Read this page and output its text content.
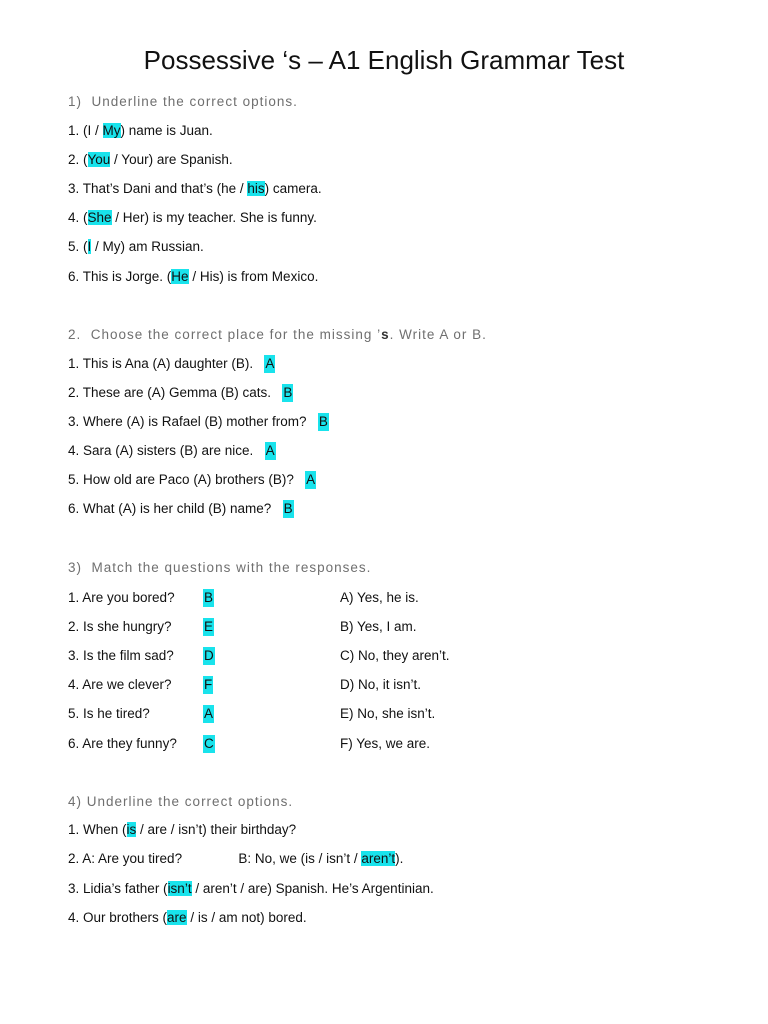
Possessive ‘s – A1 English Grammar Test
1)  Underline the correct options.
1. (I / My) name is Juan.
2. (You / Your) are Spanish.
3. That’s Dani and that’s (he / his) camera.
4. (She / Her) is my teacher. She is funny.
5. (I / My) am Russian.
6. This is Jorge. (He / His) is from Mexico.
2.  Choose the correct place for the missing ’s. Write A or B.
1. This is Ana (A) daughter (B).   A
2. These are (A) Gemma (B) cats.   B
3. Where (A) is Rafael (B) mother from?   B
4. Sara (A) sisters (B) are nice.   A
5. How old are Paco (A) brothers (B)?   A
6. What (A) is her child (B) name?   B
3)  Match the questions with the responses.
1. Are you bored? B	A) Yes, he is.
2. Is she hungry? E	B) Yes, I am.
3. Is the film sad? D	C) No, they aren’t.
4. Are we clever? F	D) No, it isn’t.
5. Is he tired?	A	E) No, she isn’t.
6. Are they funny? C	F) Yes, we are.
4) Underline the correct options.
1. When (is / are / isn’t) their birthday?
2. A: Are you tired?               B: No, we (is / isn’t / aren’t).
3. Lidia’s father (isn’t / aren’t / are) Spanish. He’s Argentinian.
4. Our brothers (are / is / am not) bored.
